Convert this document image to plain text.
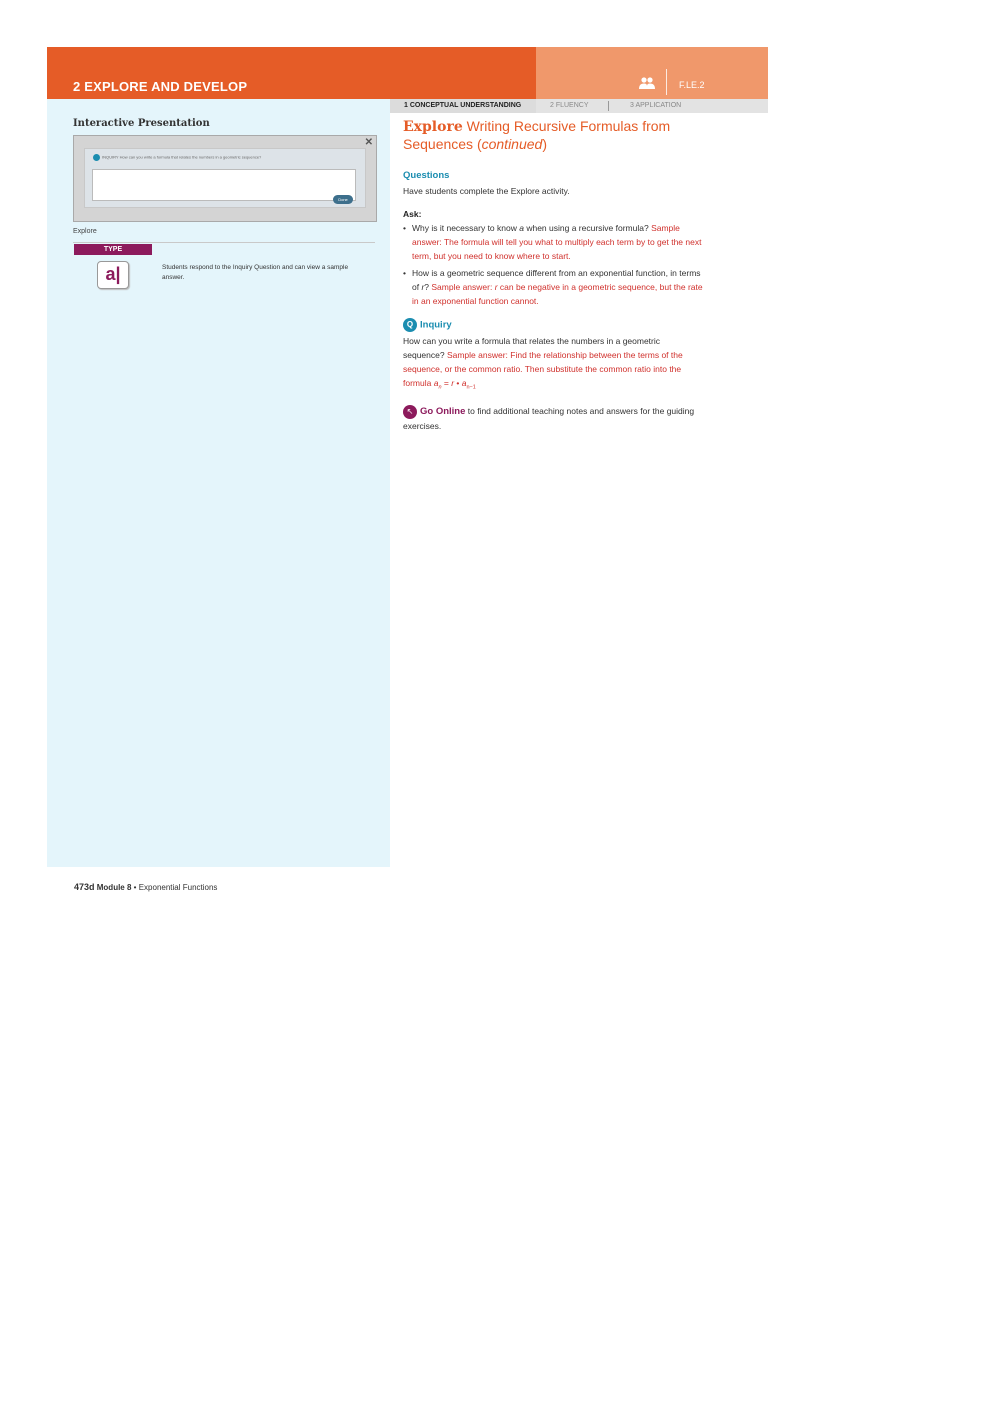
2 EXPLORE AND DEVELOP	F.LE.2
1 CONCEPTUAL UNDERSTANDING	2 FLUENCY	3 APPLICATION
Interactive Presentation
✕
INQUIRY How can you write a formula that relates the numbers in a geometric sequence?
Done
Explore
TYPE
a|	Students respond to the Inquiry Question and can view a sample answer.
Explore Writing Recursive Formulas from Sequences (continued)
Questions
Have students complete the Explore activity.
Ask:
• Why is it necessary to know a when using a recursive formula? Sample answer: The formula will tell you what to multiply each term by to get the next term, but you need to know where to start.
• How is a geometric sequence different from an exponential function, in terms of r? Sample answer: r can be negative in a geometric sequence, but the rate in an exponential function cannot.
Q Inquiry
How can you write a formula that relates the numbers in a geometric sequence? Sample answer: Find the relationship between the terms of the sequence, or the common ratio. Then substitute the common ratio into the formula $a_n = r$ • $a_{n-1}$
↖ Go Online to find additional teaching notes and answers for the guiding exercises.
473d Module 8 • Exponential Functions
